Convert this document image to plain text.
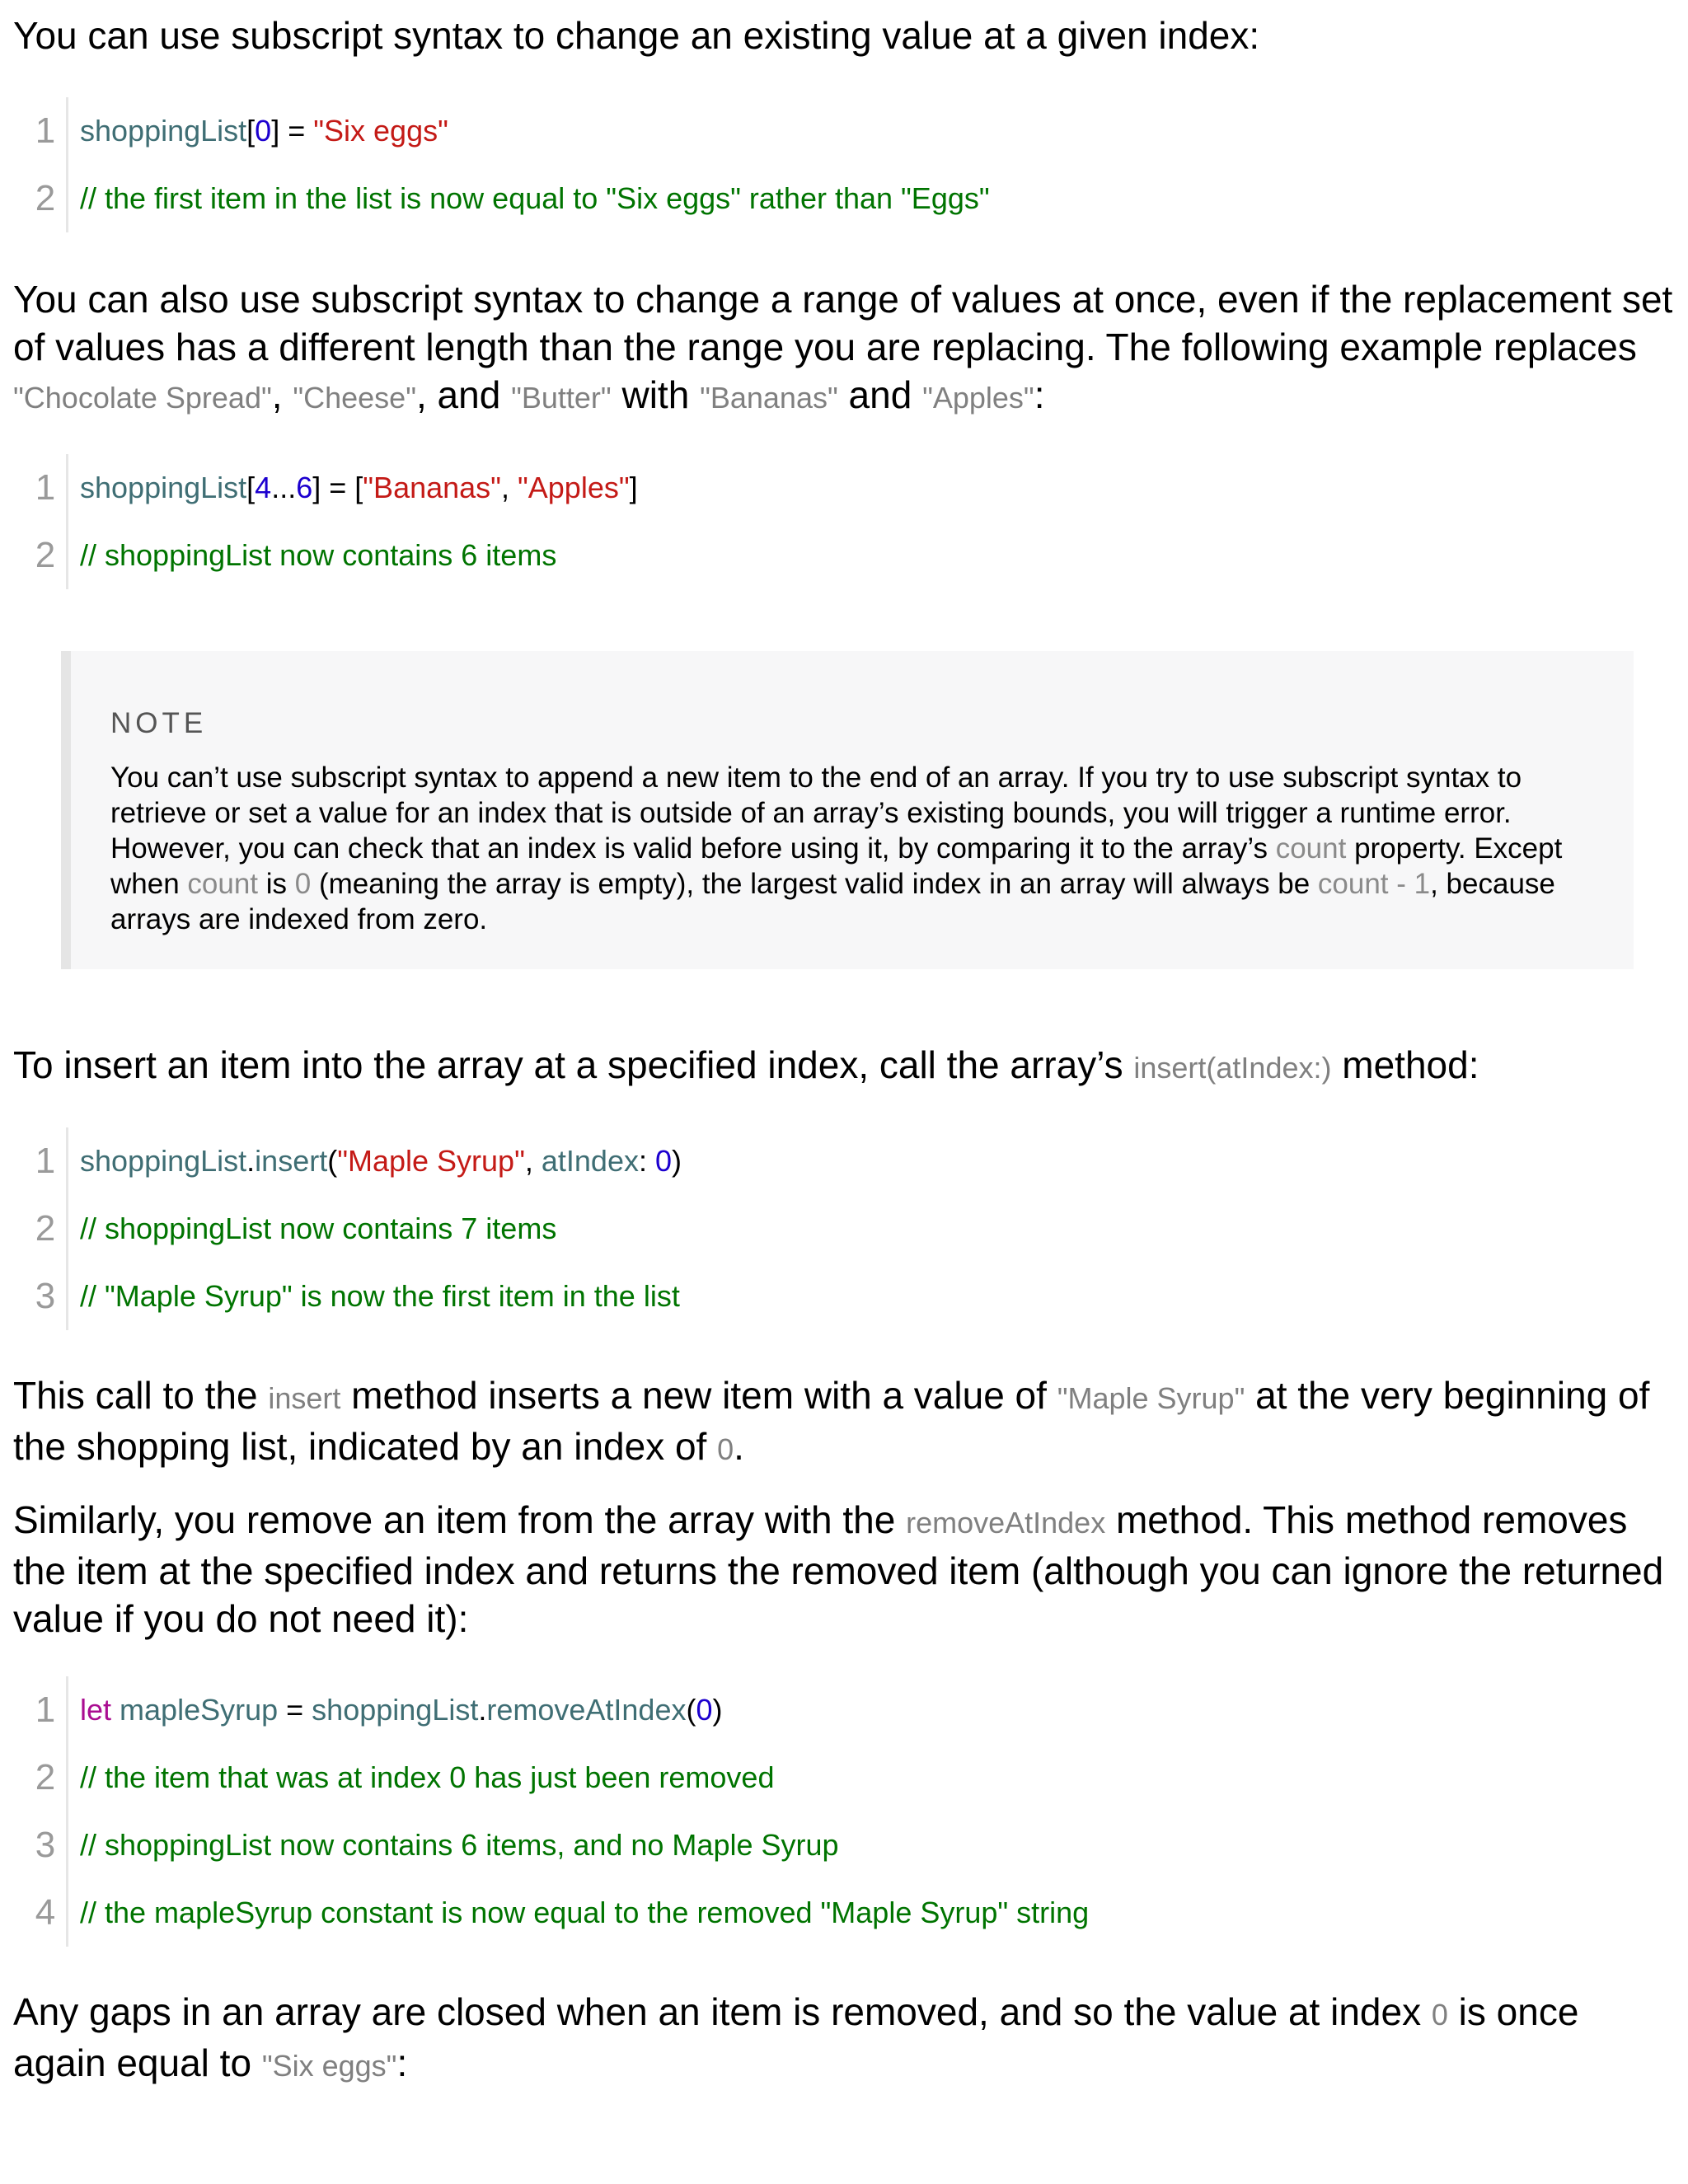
You can use subscript syntax to change an existing value at a given index:

1 shoppingList[0] = "Six eggs"
2 // the first item in the list is now equal to "Six eggs" rather than "Eggs"

You can also use subscript syntax to change a range of values at once, even if the replacement set of values has a different length than the range you are replacing. The following example replaces "Chocolate Spread", "Cheese", and "Butter" with "Bananas" and "Apples":

1 shoppingList[4...6] = ["Bananas", "Apples"]
2 // shoppingList now contains 6 items
NOTE
You can’t use subscript syntax to append a new item to the end of an array. If you try to use subscript syntax to retrieve or set a value for an index that is outside of an array’s existing bounds, you will trigger a runtime error. However, you can check that an index is valid before using it, by comparing it to the array’s count property. Except when count is 0 (meaning the array is empty), the largest valid index in an array will always be count - 1, because arrays are indexed from zero.

To insert an item into the array at a specified index, call the array’s insert(atIndex:) method:

1 shoppingList.insert("Maple Syrup", atIndex: 0)
2 // shoppingList now contains 7 items
3 // "Maple Syrup" is now the first item in the list

This call to the insert method inserts a new item with a value of "Maple Syrup" at the very beginning of the shopping list, indicated by an index of 0.

Similarly, you remove an item from the array with the removeAtIndex method. This method removes the item at the specified index and returns the removed item (although you can ignore the returned value if you do not need it):

1 let mapleSyrup = shoppingList.removeAtIndex(0)
2 // the item that was at index 0 has just been removed
3 // shoppingList now contains 6 items, and no Maple Syrup
4 // the mapleSyrup constant is now equal to the removed "Maple Syrup" string

Any gaps in an array are closed when an item is removed, and so the value at index 0 is once again equal to "Six eggs":
